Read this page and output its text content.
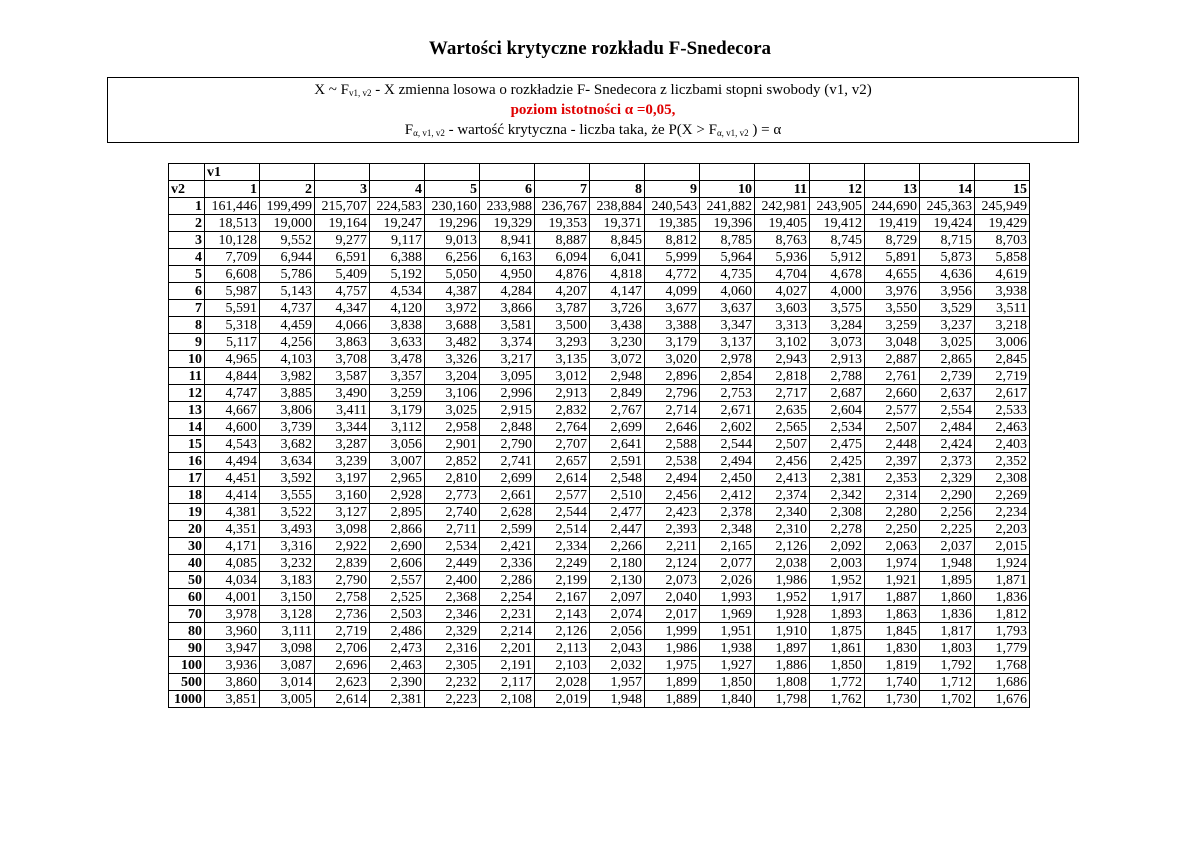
Wartości krytyczne rozkładu F-Snedecora
X ~ $F_{v1, v2}$ - X zmienna losowa o rozkładzie F- Snedecora z liczbami stopni swobody (v1, v2)
poziom istotności α =0,05,
$F_{\alpha, v1, v2}$ - wartość krytyczna - liczba taka, że $P(X > F_{\alpha, v1, v2}$ ) = α
	v1														
v2	1	2	3	4	5	6	7	8	9	10	11	12	13	14	15
1	161,446	199,499	215,707	224,583	230,160	233,988	236,767	238,884	240,543	241,882	242,981	243,905	244,690	245,363	245,949
2	18,513	19,000	19,164	19,247	19,296	19,329	19,353	19,371	19,385	19,396	19,405	19,412	19,419	19,424	19,429
3	10,128	9,552	9,277	9,117	9,013	8,941	8,887	8,845	8,812	8,785	8,763	8,745	8,729	8,715	8,703
4	7,709	6,944	6,591	6,388	6,256	6,163	6,094	6,041	5,999	5,964	5,936	5,912	5,891	5,873	5,858
5	6,608	5,786	5,409	5,192	5,050	4,950	4,876	4,818	4,772	4,735	4,704	4,678	4,655	4,636	4,619
6	5,987	5,143	4,757	4,534	4,387	4,284	4,207	4,147	4,099	4,060	4,027	4,000	3,976	3,956	3,938
7	5,591	4,737	4,347	4,120	3,972	3,866	3,787	3,726	3,677	3,637	3,603	3,575	3,550	3,529	3,511
8	5,318	4,459	4,066	3,838	3,688	3,581	3,500	3,438	3,388	3,347	3,313	3,284	3,259	3,237	3,218
9	5,117	4,256	3,863	3,633	3,482	3,374	3,293	3,230	3,179	3,137	3,102	3,073	3,048	3,025	3,006
10	4,965	4,103	3,708	3,478	3,326	3,217	3,135	3,072	3,020	2,978	2,943	2,913	2,887	2,865	2,845
11	4,844	3,982	3,587	3,357	3,204	3,095	3,012	2,948	2,896	2,854	2,818	2,788	2,761	2,739	2,719
12	4,747	3,885	3,490	3,259	3,106	2,996	2,913	2,849	2,796	2,753	2,717	2,687	2,660	2,637	2,617
13	4,667	3,806	3,411	3,179	3,025	2,915	2,832	2,767	2,714	2,671	2,635	2,604	2,577	2,554	2,533
14	4,600	3,739	3,344	3,112	2,958	2,848	2,764	2,699	2,646	2,602	2,565	2,534	2,507	2,484	2,463
15	4,543	3,682	3,287	3,056	2,901	2,790	2,707	2,641	2,588	2,544	2,507	2,475	2,448	2,424	2,403
16	4,494	3,634	3,239	3,007	2,852	2,741	2,657	2,591	2,538	2,494	2,456	2,425	2,397	2,373	2,352
17	4,451	3,592	3,197	2,965	2,810	2,699	2,614	2,548	2,494	2,450	2,413	2,381	2,353	2,329	2,308
18	4,414	3,555	3,160	2,928	2,773	2,661	2,577	2,510	2,456	2,412	2,374	2,342	2,314	2,290	2,269
19	4,381	3,522	3,127	2,895	2,740	2,628	2,544	2,477	2,423	2,378	2,340	2,308	2,280	2,256	2,234
20	4,351	3,493	3,098	2,866	2,711	2,599	2,514	2,447	2,393	2,348	2,310	2,278	2,250	2,225	2,203
30	4,171	3,316	2,922	2,690	2,534	2,421	2,334	2,266	2,211	2,165	2,126	2,092	2,063	2,037	2,015
40	4,085	3,232	2,839	2,606	2,449	2,336	2,249	2,180	2,124	2,077	2,038	2,003	1,974	1,948	1,924
50	4,034	3,183	2,790	2,557	2,400	2,286	2,199	2,130	2,073	2,026	1,986	1,952	1,921	1,895	1,871
60	4,001	3,150	2,758	2,525	2,368	2,254	2,167	2,097	2,040	1,993	1,952	1,917	1,887	1,860	1,836
70	3,978	3,128	2,736	2,503	2,346	2,231	2,143	2,074	2,017	1,969	1,928	1,893	1,863	1,836	1,812
80	3,960	3,111	2,719	2,486	2,329	2,214	2,126	2,056	1,999	1,951	1,910	1,875	1,845	1,817	1,793
90	3,947	3,098	2,706	2,473	2,316	2,201	2,113	2,043	1,986	1,938	1,897	1,861	1,830	1,803	1,779
100	3,936	3,087	2,696	2,463	2,305	2,191	2,103	2,032	1,975	1,927	1,886	1,850	1,819	1,792	1,768
500	3,860	3,014	2,623	2,390	2,232	2,117	2,028	1,957	1,899	1,850	1,808	1,772	1,740	1,712	1,686
1000	3,851	3,005	2,614	2,381	2,223	2,108	2,019	1,948	1,889	1,840	1,798	1,762	1,730	1,702	1,676
